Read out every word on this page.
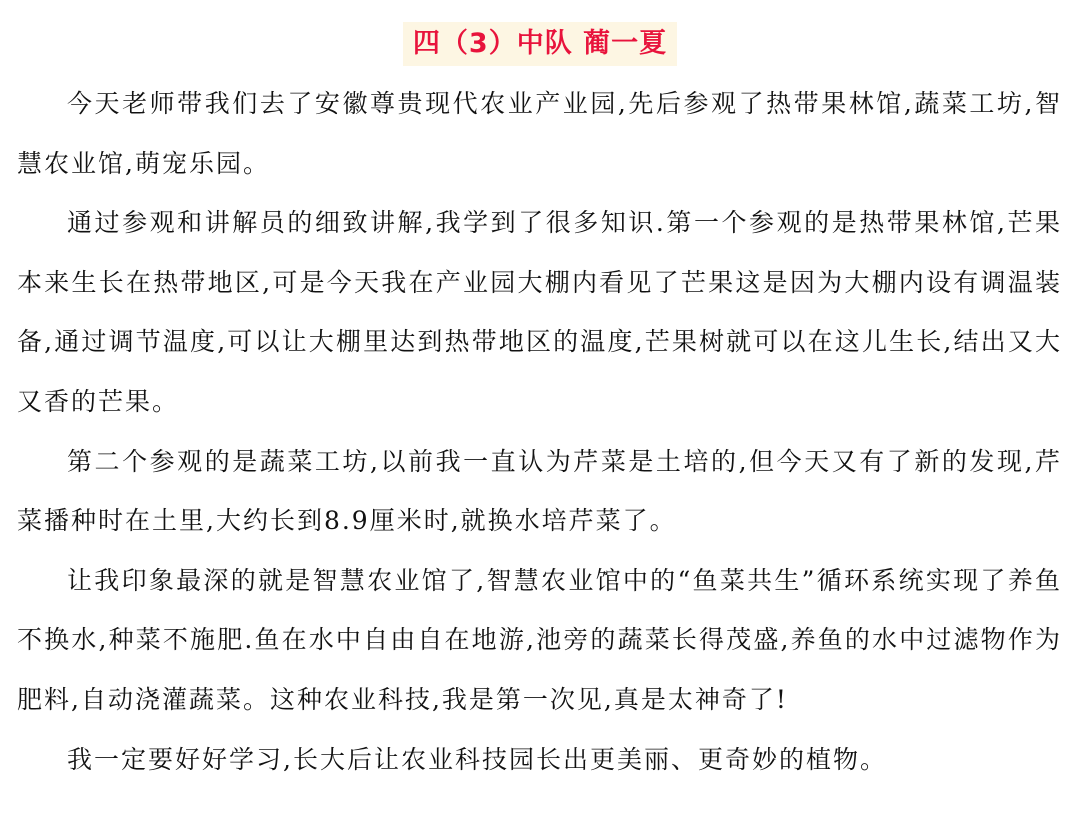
四（3）中队 蔺一夏

今天老师带我们去了安徽尊贵现代农业产业园,先后参观了热带果林馆,蔬菜工坊,智慧农业馆,萌宠乐园。

通过参观和讲解员的细致讲解,我学到了很多知识.第一个参观的是热带果林馆,芒果本来生长在热带地区,可是今天我在产业园大棚内看见了芒果这是因为大棚内设有调温装备,通过调节温度,可以让大棚里达到热带地区的温度,芒果树就可以在这儿生长,结出又大又香的芒果。

第二个参观的是蔬菜工坊,以前我一直认为芹菜是土培的,但今天又有了新的发现,芹菜播种时在土里,大约长到8.9厘米时,就换水培芹菜了。

让我印象最深的就是智慧农业馆了,智慧农业馆中的“鱼菜共生”循环系统实现了养鱼不换水,种菜不施肥.鱼在水中自由自在地游,池旁的蔬菜长得茂盛,养鱼的水中过滤物作为肥料,自动浇灌蔬菜。这种农业科技,我是第一次见,真是太神奇了!

我一定要好好学习,长大后让农业科技园长出更美丽、更奇妙的植物。
